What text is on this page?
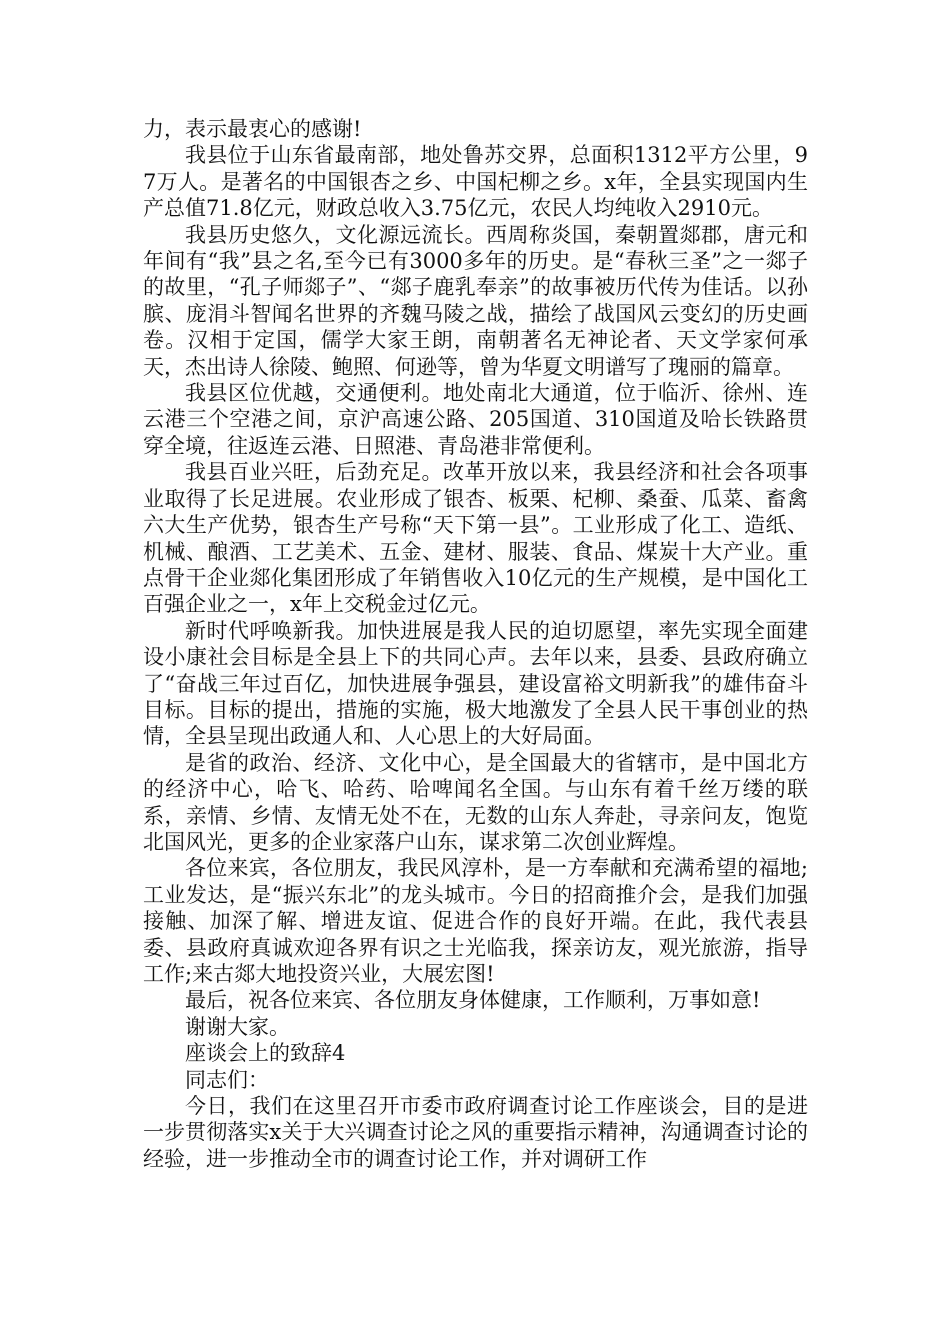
力，表示最衷心的感谢!

我县位于山东省最南部，地处鲁苏交界，总面积1312平方公里，97万人。是著名的中国银杏之乡、中国杞柳之乡。x年，全县实现国内生产总值71.8亿元，财政总收入3.75亿元，农民人均纯收入2910元。

我县历史悠久，文化源远流长。西周称炎国，秦朝置郯郡，唐元和年间有“我”县之名,至今已有3000多年的历史。是“春秋三圣”之一郯子的故里，“孔子师郯子”、“郯子鹿乳奉亲”的故事被历代传为佳话。以孙膑、庞涓斗智闻名世界的齐魏马陵之战，描绘了战国风云变幻的历史画卷。汉相于定国，儒学大家王朗，南朝著名无神论者、天文学家何承天，杰出诗人徐陵、鲍照、何逊等，曾为华夏文明谱写了瑰丽的篇章。

我县区位优越，交通便利。地处南北大通道，位于临沂、徐州、连云港三个空港之间，京沪高速公路、205国道、310国道及哈长铁路贯穿全境，往返连云港、日照港、青岛港非常便利。

我县百业兴旺，后劲充足。改革开放以来，我县经济和社会各项事业取得了长足进展。农业形成了银杏、板栗、杞柳、桑蚕、瓜菜、畜禽六大生产优势，银杏生产号称“天下第一县”。工业形成了化工、造纸、机械、酿酒、工艺美术、五金、建材、服装、食品、煤炭十大产业。重点骨干企业郯化集团形成了年销售收入10亿元的生产规模，是中国化工百强企业之一，x年上交税金过亿元。

新时代呼唤新我。加快进展是我人民的迫切愿望，率先实现全面建设小康社会目标是全县上下的共同心声。去年以来，县委、县政府确立了“奋战三年过百亿，加快进展争强县，建设富裕文明新我”的雄伟奋斗目标。目标的提出，措施的实施，极大地激发了全县人民干事创业的热情，全县呈现出政通人和、人心思上的大好局面。

是省的政治、经济、文化中心，是全国最大的省辖市，是中国北方的经济中心，哈飞、哈药、哈啤闻名全国。与山东有着千丝万缕的联系，亲情、乡情、友情无处不在，无数的山东人奔赴，寻亲问友，饱览北国风光，更多的企业家落户山东，谋求第二次创业辉煌。

各位来宾，各位朋友，我民风淳朴，是一方奉献和充满希望的福地;工业发达，是“振兴东北”的龙头城市。今日的招商推介会，是我们加强接触、加深了解、增进友谊、促进合作的良好开端。在此，我代表县委、县政府真诚欢迎各界有识之士光临我，探亲访友，观光旅游，指导工作;来古郯大地投资兴业，大展宏图!

最后，祝各位来宾、各位朋友身体健康，工作顺利，万事如意!

谢谢大家。

座谈会上的致辞4

同志们：

今日，我们在这里召开市委市政府调查讨论工作座谈会，目的是进一步贯彻落实x关于大兴调查讨论之风的重要指示精神，沟通调查讨论的经验，进一步推动全市的调查讨论工作，并对调研工作
